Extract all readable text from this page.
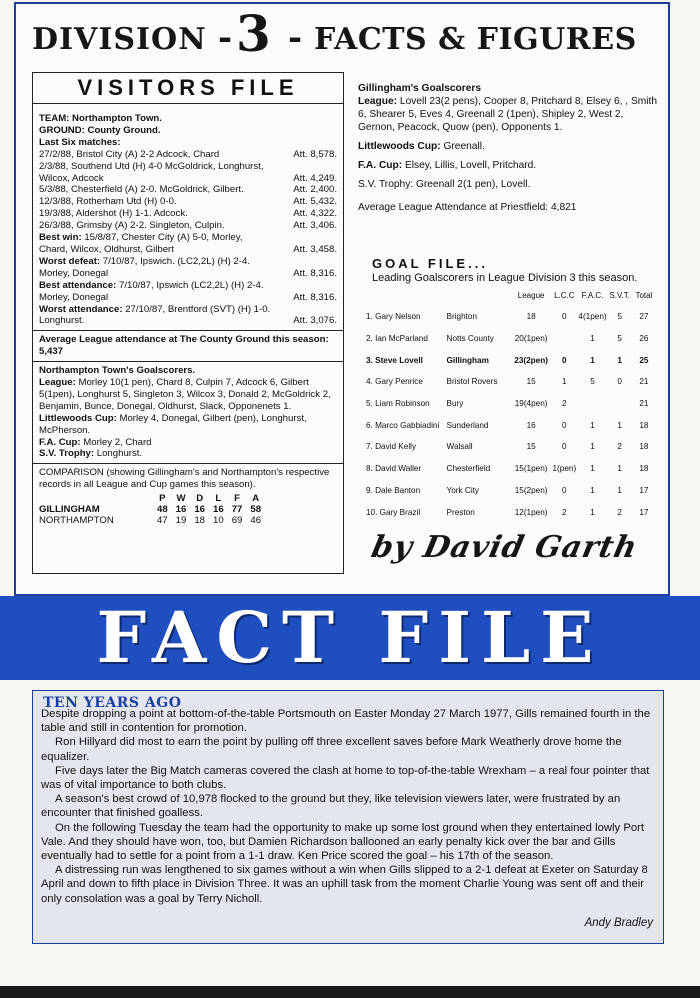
DIVISION - 3 - FACTS & FIGURES
VISITORS FILE

TEAM: Northampton Town.

GROUND: County Ground.

Last Six matches:

27/2/88, Bristol City (A) 2-2 Adcock, Chard	Att. 8,578.
2/3/88, Southend Utd (H) 4-0 McGoldrick, Longhurst,
Wilcox, Adcock	Att. 4,249.
5/3/88, Chesterfield (A) 2-0. McGoldrick, Gilbert.	Att. 2,400.
12/3/88, Rotherham Utd (H) 0-0.	Att. 5,432.
19/3/88, Aldershot (H) 1-1. Adcock.	Att. 4,322.
26/3/88, Grimsby (A) 2-2. Singleton, Culpin.	Att. 3,406.

Best win: 15/8/87, Chester City (A) 5-0, Morley,

Chard, Wilcox, Oldhurst, Gilbert	Att. 3,458.

Worst defeat: 7/10/87, Ipswich. (LC2,2L) (H) 2-4.

Morley, Donegal	Att. 8,316.

Best attendance: 7/10/87, Ipswich (LC2,2L) (H) 2-4.

Morley, Donegal	Att. 8,316.

Worst attendance: 27/10/87, Brentford (SVT) (H) 1-0.

Longhurst.	Att. 3,076.

Average League attendance at The County Ground this season: 5,437

Northampton Town's Goalscorers.

League: Morley 10(1 pen), Chard 8, Culpin 7, Adcock 6, Gilbert 5(1pen), Longhurst 5, Singleton 3, Wilcox 3, Donald 2, McGoldrick 2, Benjamin, Bunce, Donegal, Oldhurst, Slack, Opponenets 1.

Littlewoods Cup: Morley 4, Donegal, Gilbert (pen), Longhurst, McPherson.

F.A. Cup: Morley 2, Chard

S.V. Trophy: Longhurst.

COMPARISON (showing Gillingham's and Northampton's respective records in all League and Cup games this season).

	P	W	D	L	F	A
GILLINGHAM	48	16	16	16	77	58
NORTHAMPTON	47	19	18	10	69	46

Gillingham's Goalscorers

League: Lovell 23(2 pens), Cooper 8, Pritchard 8, Elsey 6, , Smith 6, Shearer 5, Eves 4, Greenall 2 (1pen), Shipley 2, West 2, Gernon, Peacock, Quow (pen), Opponents 1.

Littlewoods Cup: Greenall.

F.A. Cup: Elsey, Lillis, Lovell, Pritchard.

S.V. Trophy: Greenall 2(1 pen), Lovell.

Average League Attendance at Priestfield: 4,821

GOAL FILE...
Leading Goalscorers in League Division 3 this season.
		League	L.C.C	F.A.C.	S.V.T.	Total
1. Gary Nelson	Brighton	18	0	4(1pen)	5	27
2. Ian McParland	Notts County	20(1pen)		1	5	26
3. Steve Lovell	Gillingham	23(2pen)	0	1	1	25
4. Gary Penrice	Bristol Rovers	15	1	5	0	21
5. Liam Robinson	Bury	19(4pen)	2			21
6. Marco Gabbiadini	Sunderland	16	0	1	1	18
7. David Kelly	Walsall	15	0	1	2	18
8. David Waller	Chesterfield	15(1pen)	1(pen)	1	1	18
9. Dale Banton	York City	15(2pen)	0	1	1	17
10. Gary Brazil	Preston	12(1pen)	2	1	2	17
by David Garth
FACT FILE
TEN YEARS AGO

Despite dropping a point at bottom-of-the-table Portsmouth on Easter Monday 27 March 1977, Gills remained fourth in the table and still in contention for promotion.

Ron Hillyard did most to earn the point by pulling off three excellent saves before Mark Weatherly drove home the equalizer.

Five days later the Big Match cameras covered the clash at home to top-of-the-table Wrexham – a real four pointer that was of vital importance to both clubs.

A season's best crowd of 10,978 flocked to the ground but they, like television viewers later, were frustrated by an encounter that finished goalless.

On the following Tuesday the team had the opportunity to make up some lost ground when they entertained lowly Port Vale. And they should have won, too, but Damien Richardson ballooned an early penalty kick over the bar and Gills eventually had to settle for a point from a 1-1 draw. Ken Price scored the goal – his 17th of the season.

A distressing run was lengthened to six games without a win when Gills slipped to a 2-1 defeat at Exeter on Saturday 8 April and down to fifth place in Division Three. It was an uphill task from the moment Charlie Young was sent off and their only consolation was a goal by Terry Nicholl.

Andy Bradley
